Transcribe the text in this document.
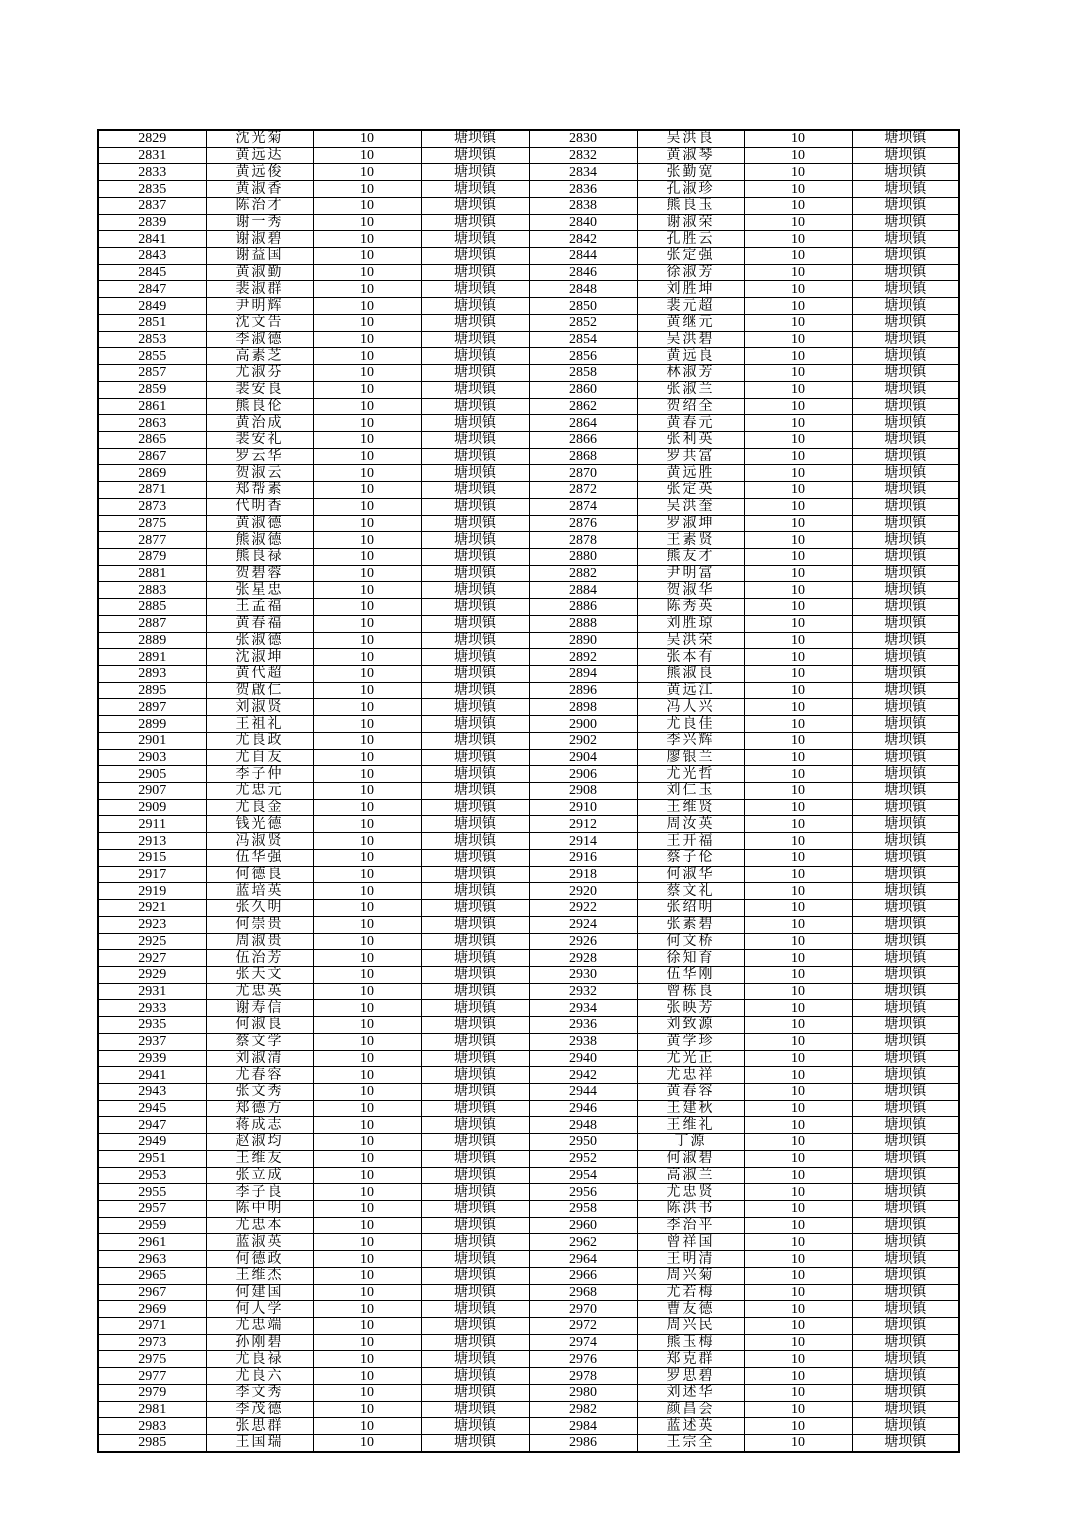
2829	沈光菊	10	塘坝镇	2830	吴洪良	10	塘坝镇
2831	黄远达	10	塘坝镇	2832	黄淑琴	10	塘坝镇
2833	黄远俊	10	塘坝镇	2834	张勤宽	10	塘坝镇
2835	黄淑香	10	塘坝镇	2836	孔淑珍	10	塘坝镇
2837	陈治才	10	塘坝镇	2838	熊良玉	10	塘坝镇
2839	谢一秀	10	塘坝镇	2840	谢淑荣	10	塘坝镇
2841	谢淑碧	10	塘坝镇	2842	孔胜云	10	塘坝镇
2843	谢益国	10	塘坝镇	2844	张定强	10	塘坝镇
2845	黄淑勤	10	塘坝镇	2846	徐淑芳	10	塘坝镇
2847	裴淑群	10	塘坝镇	2848	刘胜坤	10	塘坝镇
2849	尹明辉	10	塘坝镇	2850	裴元超	10	塘坝镇
2851	沈文告	10	塘坝镇	2852	黄继元	10	塘坝镇
2853	李淑德	10	塘坝镇	2854	吴洪碧	10	塘坝镇
2855	高素芝	10	塘坝镇	2856	黄远良	10	塘坝镇
2857	尤淑芬	10	塘坝镇	2858	林淑芳	10	塘坝镇
2859	裴安良	10	塘坝镇	2860	张淑兰	10	塘坝镇
2861	熊良伦	10	塘坝镇	2862	贺绍全	10	塘坝镇
2863	黄治成	10	塘坝镇	2864	黄春元	10	塘坝镇
2865	裴安礼	10	塘坝镇	2866	张利英	10	塘坝镇
2867	罗云华	10	塘坝镇	2868	罗共富	10	塘坝镇
2869	贺淑云	10	塘坝镇	2870	黄远胜	10	塘坝镇
2871	郑帮素	10	塘坝镇	2872	张定英	10	塘坝镇
2873	代明香	10	塘坝镇	2874	吴洪奎	10	塘坝镇
2875	黄淑德	10	塘坝镇	2876	罗淑坤	10	塘坝镇
2877	熊淑德	10	塘坝镇	2878	王素贤	10	塘坝镇
2879	熊良禄	10	塘坝镇	2880	熊友才	10	塘坝镇
2881	贺碧蓉	10	塘坝镇	2882	尹明富	10	塘坝镇
2883	张星忠	10	塘坝镇	2884	贺淑华	10	塘坝镇
2885	王孟福	10	塘坝镇	2886	陈秀英	10	塘坝镇
2887	黄春福	10	塘坝镇	2888	刘胜琼	10	塘坝镇
2889	张淑德	10	塘坝镇	2890	吴洪荣	10	塘坝镇
2891	沈淑坤	10	塘坝镇	2892	张本有	10	塘坝镇
2893	黄代超	10	塘坝镇	2894	熊淑良	10	塘坝镇
2895	贺啟仁	10	塘坝镇	2896	黄远江	10	塘坝镇
2897	刘淑贤	10	塘坝镇	2898	冯人兴	10	塘坝镇
2899	王祖礼	10	塘坝镇	2900	尤良佳	10	塘坝镇
2901	尤良政	10	塘坝镇	2902	李兴辉	10	塘坝镇
2903	尤自友	10	塘坝镇	2904	廖银兰	10	塘坝镇
2905	李子仲	10	塘坝镇	2906	尤光哲	10	塘坝镇
2907	尤忠元	10	塘坝镇	2908	刘仁玉	10	塘坝镇
2909	尤良金	10	塘坝镇	2910	王维贤	10	塘坝镇
2911	钱光德	10	塘坝镇	2912	周汝英	10	塘坝镇
2913	冯淑贤	10	塘坝镇	2914	王开福	10	塘坝镇
2915	伍华强	10	塘坝镇	2916	蔡子伦	10	塘坝镇
2917	何德良	10	塘坝镇	2918	何淑华	10	塘坝镇
2919	蓝培英	10	塘坝镇	2920	蔡文礼	10	塘坝镇
2921	张久明	10	塘坝镇	2922	张绍明	10	塘坝镇
2923	何崇贵	10	塘坝镇	2924	张素碧	10	塘坝镇
2925	周淑贵	10	塘坝镇	2926	何文桥	10	塘坝镇
2927	伍治芳	10	塘坝镇	2928	徐知育	10	塘坝镇
2929	张天文	10	塘坝镇	2930	伍华刚	10	塘坝镇
2931	尤忠英	10	塘坝镇	2932	曾栋良	10	塘坝镇
2933	谢寿信	10	塘坝镇	2934	张映芳	10	塘坝镇
2935	何淑良	10	塘坝镇	2936	刘致源	10	塘坝镇
2937	蔡文学	10	塘坝镇	2938	黄学珍	10	塘坝镇
2939	刘淑清	10	塘坝镇	2940	尤光正	10	塘坝镇
2941	尤春容	10	塘坝镇	2942	尤忠祥	10	塘坝镇
2943	张文秀	10	塘坝镇	2944	黄春容	10	塘坝镇
2945	郑德方	10	塘坝镇	2946	王建秋	10	塘坝镇
2947	蒋成志	10	塘坝镇	2948	王维礼	10	塘坝镇
2949	赵淑均	10	塘坝镇	2950	丁源	10	塘坝镇
2951	王维友	10	塘坝镇	2952	何淑碧	10	塘坝镇
2953	张立成	10	塘坝镇	2954	高淑兰	10	塘坝镇
2955	李子良	10	塘坝镇	2956	尤忠贤	10	塘坝镇
2957	陈中明	10	塘坝镇	2958	陈洪书	10	塘坝镇
2959	尤忠本	10	塘坝镇	2960	李治平	10	塘坝镇
2961	蓝淑英	10	塘坝镇	2962	曾祥国	10	塘坝镇
2963	何德政	10	塘坝镇	2964	王明清	10	塘坝镇
2965	王维杰	10	塘坝镇	2966	周兴菊	10	塘坝镇
2967	何建国	10	塘坝镇	2968	尤若梅	10	塘坝镇
2969	何人学	10	塘坝镇	2970	曹友德	10	塘坝镇
2971	尤忠端	10	塘坝镇	2972	周兴民	10	塘坝镇
2973	孙刚碧	10	塘坝镇	2974	熊玉梅	10	塘坝镇
2975	尤良禄	10	塘坝镇	2976	郑克群	10	塘坝镇
2977	尤良六	10	塘坝镇	2978	罗思碧	10	塘坝镇
2979	李文秀	10	塘坝镇	2980	刘述华	10	塘坝镇
2981	李茂德	10	塘坝镇	2982	颜昌会	10	塘坝镇
2983	张思群	10	塘坝镇	2984	蓝述英	10	塘坝镇
2985	王国瑞	10	塘坝镇	2986	王宗全	10	塘坝镇
